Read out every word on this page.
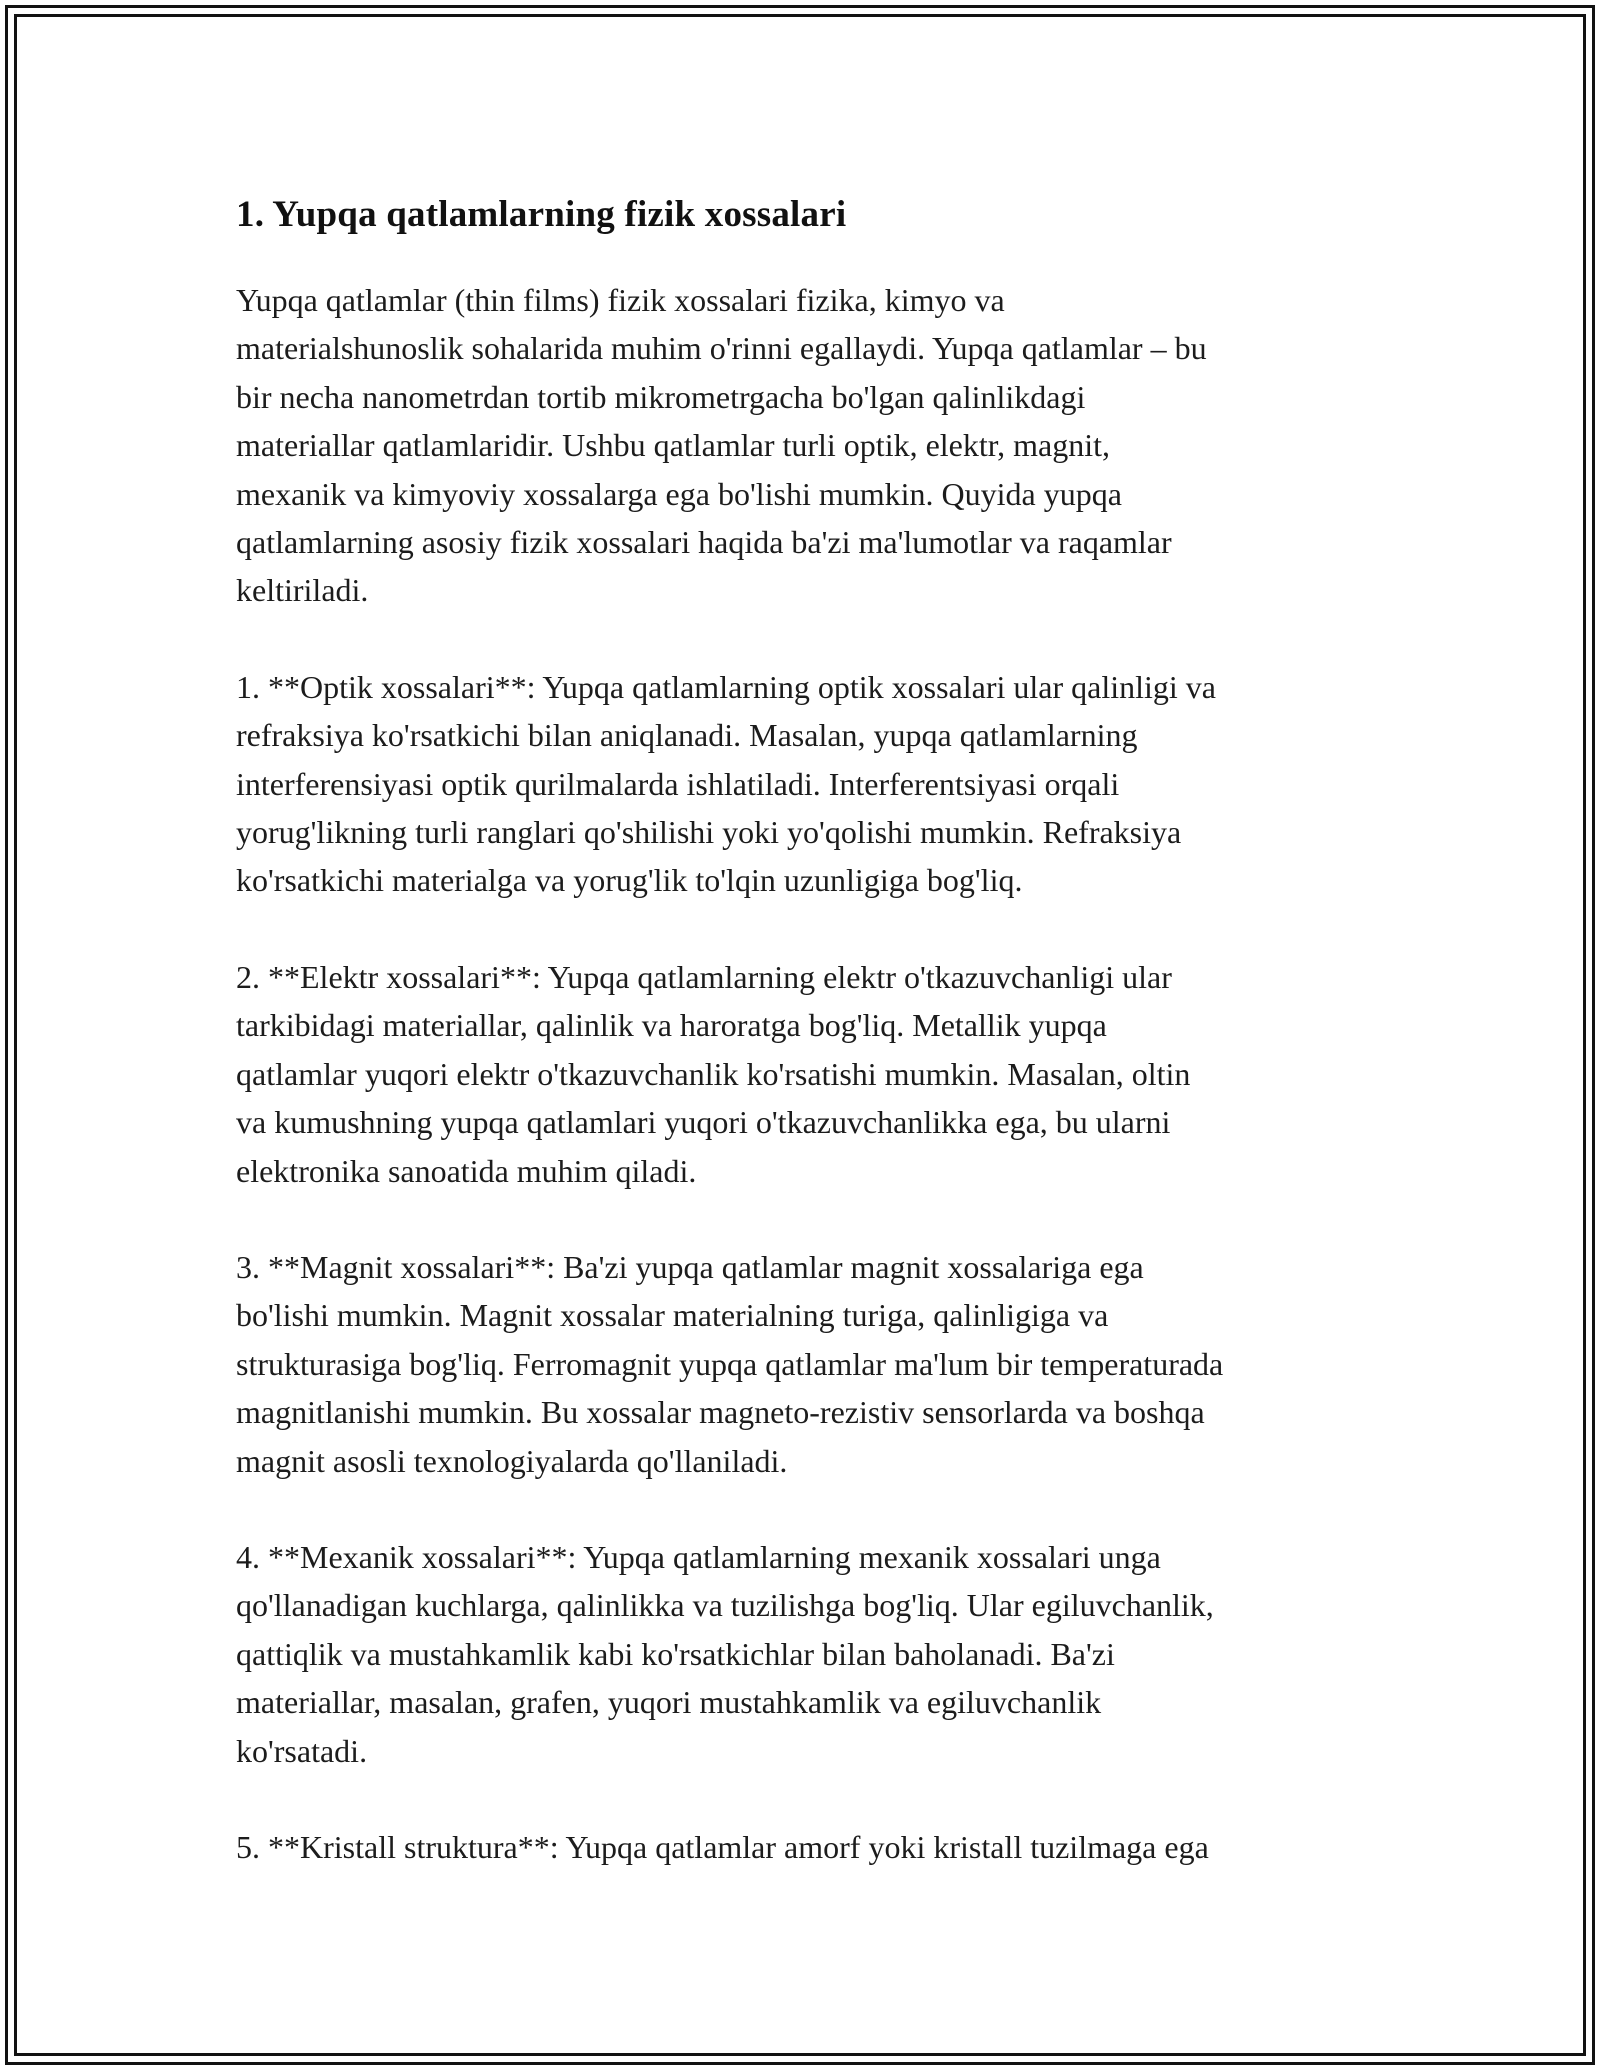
1. Yupqa qatlamlarning fizik xossalari

Yupqa qatlamlar (thin films) fizik xossalari fizika, kimyo va
materialshunoslik sohalarida muhim o'rinni egallaydi. Yupqa qatlamlar – bu
bir necha nanometrdan tortib mikrometrgacha bo'lgan qalinlikdagi
materiallar qatlamlaridir. Ushbu qatlamlar turli optik, elektr, magnit,
mexanik va kimyoviy xossalarga ega bo'lishi mumkin. Quyida yupqa
qatlamlarning asosiy fizik xossalari haqida ba'zi ma'lumotlar va raqamlar
keltiriladi.

1. **Optik xossalari**: Yupqa qatlamlarning optik xossalari ular qalinligi va
refraksiya ko'rsatkichi bilan aniqlanadi. Masalan, yupqa qatlamlarning
interferensiyasi optik qurilmalarda ishlatiladi. Interferentsiyasi orqali
yorug'likning turli ranglari qo'shilishi yoki yo'qolishi mumkin. Refraksiya
ko'rsatkichi materialga va yorug'lik to'lqin uzunligiga bog'liq.

2. **Elektr xossalari**: Yupqa qatlamlarning elektr o'tkazuvchanligi ular
tarkibidagi materiallar, qalinlik va haroratga bog'liq. Metallik yupqa
qatlamlar yuqori elektr o'tkazuvchanlik ko'rsatishi mumkin. Masalan, oltin
va kumushning yupqa qatlamlari yuqori o'tkazuvchanlikka ega, bu ularni
elektronika sanoatida muhim qiladi.

3. **Magnit xossalari**: Ba'zi yupqa qatlamlar magnit xossalariga ega
bo'lishi mumkin. Magnit xossalar materialning turiga, qalinligiga va
strukturasiga bog'liq. Ferromagnit yupqa qatlamlar ma'lum bir temperaturada
magnitlanishi mumkin. Bu xossalar magneto-rezistiv sensorlarda va boshqa
magnit asosli texnologiyalarda qo'llaniladi.

4. **Mexanik xossalari**: Yupqa qatlamlarning mexanik xossalari unga
qo'llanadigan kuchlarga, qalinlikka va tuzilishga bog'liq. Ular egiluvchanlik,
qattiqlik va mustahkamlik kabi ko'rsatkichlar bilan baholanadi. Ba'zi
materiallar, masalan, grafen, yuqori mustahkamlik va egiluvchanlik
ko'rsatadi.

5. **Kristall struktura**: Yupqa qatlamlar amorf yoki kristall tuzilmaga ega
